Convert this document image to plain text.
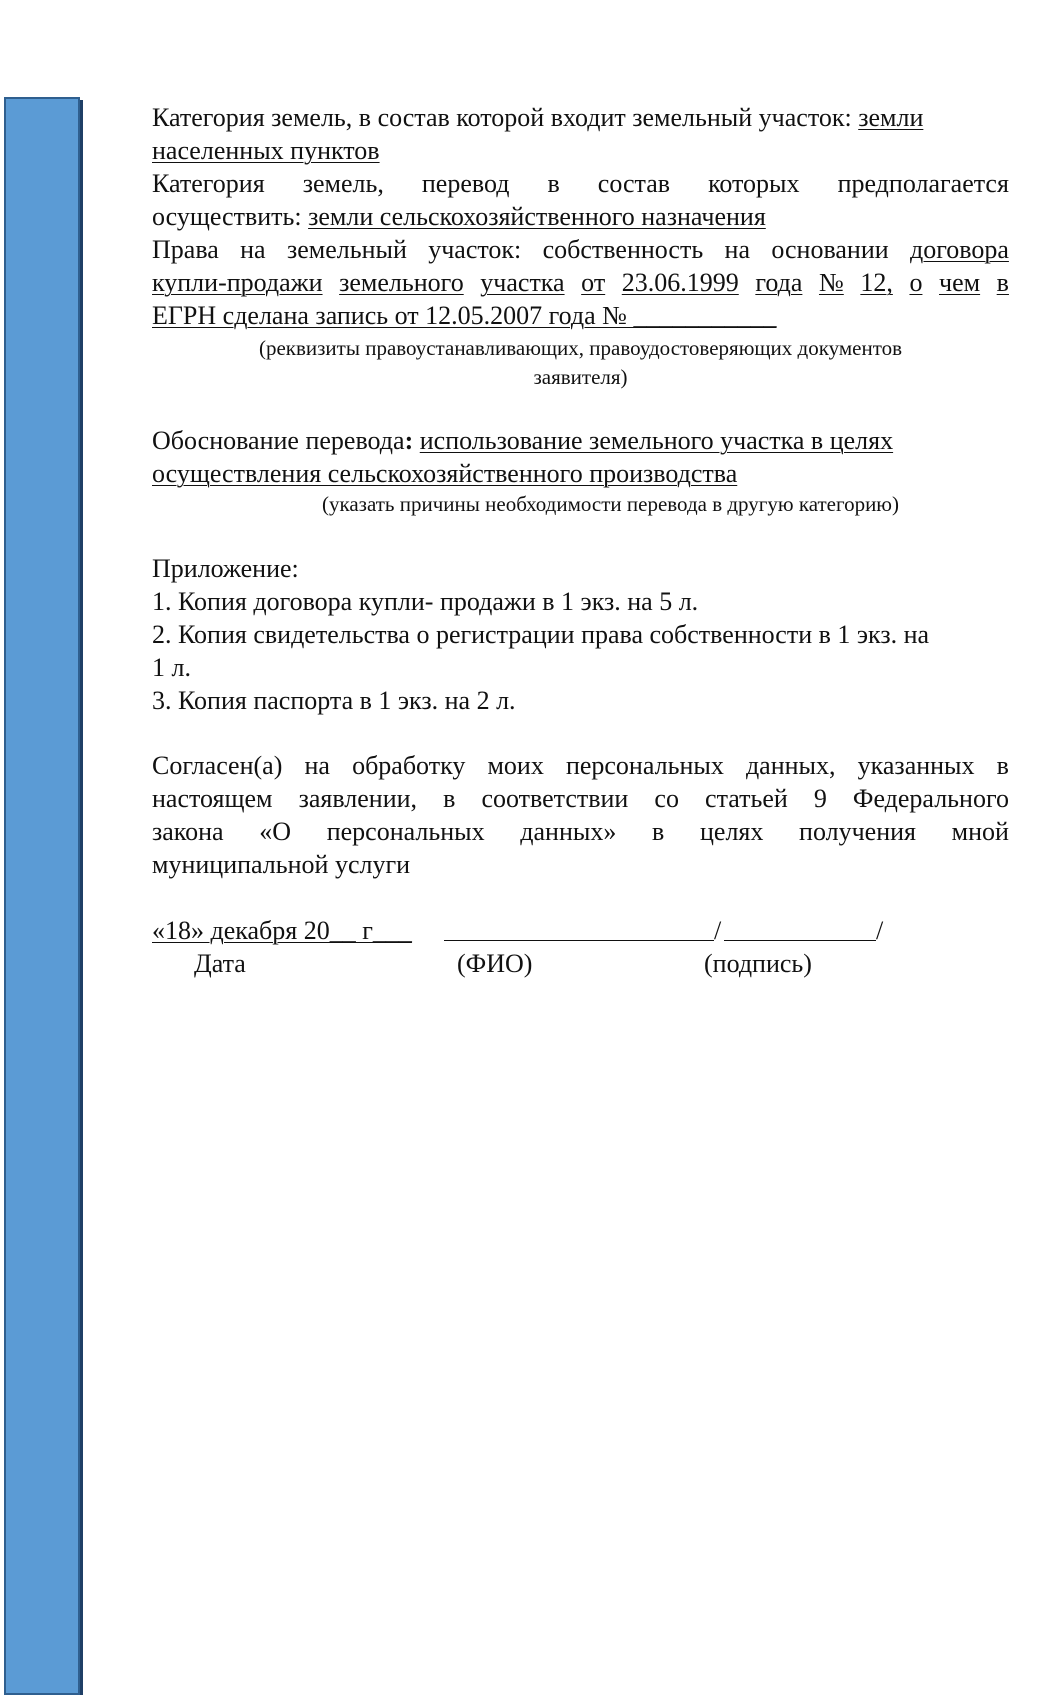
Категория земель, в состав которой входит земельный участок: земли
населенных пунктов
Категория земель, перевод в состав которых предполагается
осуществить: земли сельскохозяйственного назначения
Права на земельный участок: собственность на основании договора
купли-продажи земельного участка от 23.06.1999 года № 12, о чем в
ЕГРН сделана запись от 12.05.2007 года № ___________
(реквизиты правоустанавливающих, правоудостоверяющих документов
заявителя)
Обоснование перевода: использование земельного участка в целях
осуществления сельскохозяйственного производства
(указать причины необходимости перевода в другую категорию)
Приложение:
1. Копия договора купли- продажи в 1 экз. на 5 л.
2. Копия свидетельства о регистрации права собственности в 1 экз. на
1 л.
3. Копия паспорта в 1 экз. на 2 л.
Согласен(а) на обработку моих персональных данных, указанных в
настоящем заявлении, в соответствии со статьей 9 Федерального
закона «О персональных данных» в целях получения мной
муниципальной услуги
«18» декабря 20__ г___	/	/
Дата	(ФИО)	(подпись)
